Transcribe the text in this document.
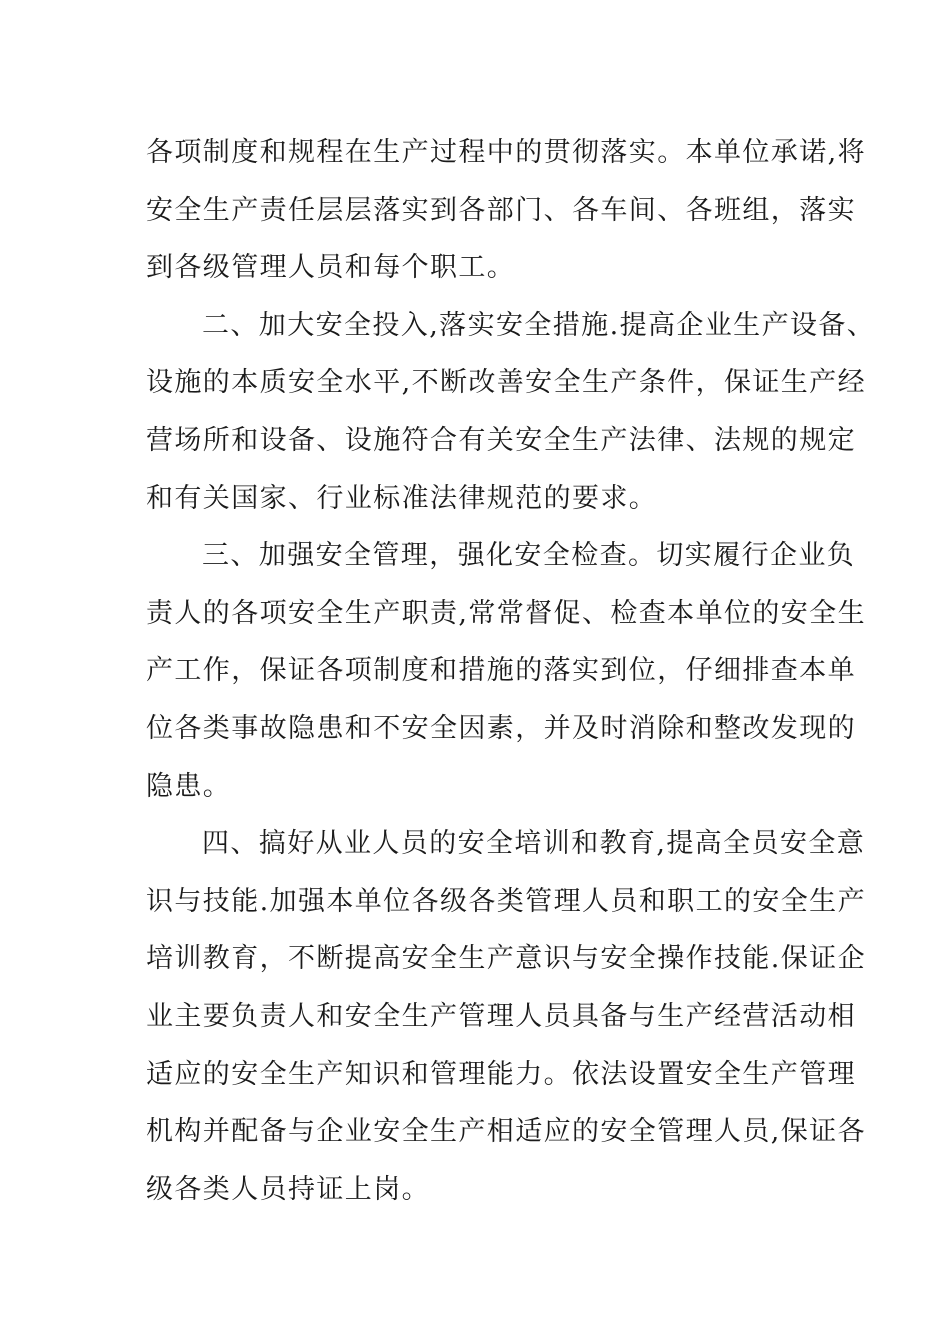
各项制度和规程在生产过程中的贯彻落实。本单位承诺,将
安全生产责任层层落实到各部门、各车间、各班组，落实
到各级管理人员和每个职工。
二、加大安全投入,落实安全措施.提高企业生产设备、
设施的本质安全水平,不断改善安全生产条件，保证生产经
营场所和设备、设施符合有关安全生产法律、法规的规定
和有关国家、行业标准法律规范的要求。
三、加强安全管理，强化安全检查。切实履行企业负
责人的各项安全生产职责,常常督促、检查本单位的安全生
产工作，保证各项制度和措施的落实到位，仔细排查本单
位各类事故隐患和不安全因素，并及时消除和整改发现的
隐患。
四、搞好从业人员的安全培训和教育,提高全员安全意
识与技能.加强本单位各级各类管理人员和职工的安全生产
培训教育，不断提高安全生产意识与安全操作技能.保证企
业主要负责人和安全生产管理人员具备与生产经营活动相
适应的安全生产知识和管理能力。依法设置安全生产管理
机构并配备与企业安全生产相适应的安全管理人员,保证各
级各类人员持证上岗。
